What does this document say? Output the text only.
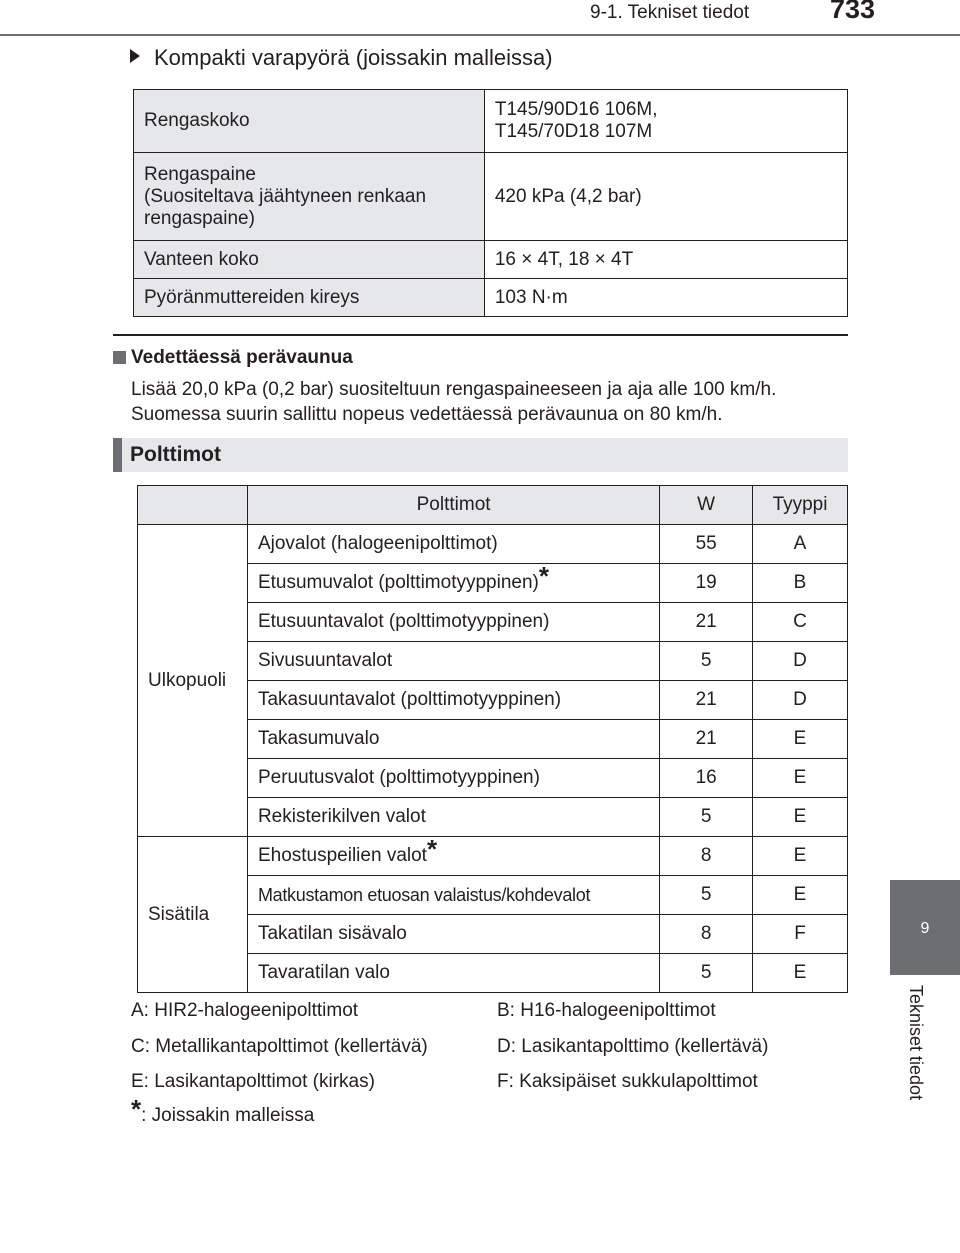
9-1. Tekniset tiedot	733
9
Tekniset tiedot
Kompakti varapyörä (joissakin malleissa)
Rengaskoko	T145/90D16 106M,
T145/70D18 107M

Rengaspaine
(Suositeltava jäähtyneen renkaan
rengaspaine)	420 kPa (4,2 bar)
Vanteen koko	16 × 4T, 18 × 4T
Pyöränmuttereiden kireys	103 N·m
Vedettäessä perävaunua
Lisää 20,0 kPa (0,2 bar) suositeltuun rengaspaineeseen ja aja alle 100 km/h.
Suomessa suurin sallittu nopeus vedettäessä perävaunua on 80 km/h.
Polttimot
	Polttimot	W	Tyyppi
Ulkopuoli	Ajovalot (halogeenipolttimot)	55	A
	Etusumuvalot (polttimotyyppinen)*	19	B
	Etusuuntavalot (polttimotyyppinen)	21	C
	Sivusuuntavalot	5	D
	Takasuuntavalot (polttimotyyppinen)	21	D
	Takasumuvalo	21	E
	Peruutusvalot (polttimotyyppinen)	16	E
	Rekisterikilven valot	5	E
Sisätila	Ehostuspeilien valot*	8	E
	Matkustamon etuosan valaistus/kohdevalot	5	E
	Takatilan sisävalo	8	F
	Tavaratilan valo	5	E
A: HIR2-halogeenipolttimot	B: H16-halogeenipolttimot
C: Metallikantapolttimot (kellertävä)	D: Lasikantapolttimo (kellertävä)
E: Lasikantapolttimot (kirkas)	F: Kaksipäiset sukkulapolttimot
*: Joissakin malleissa
